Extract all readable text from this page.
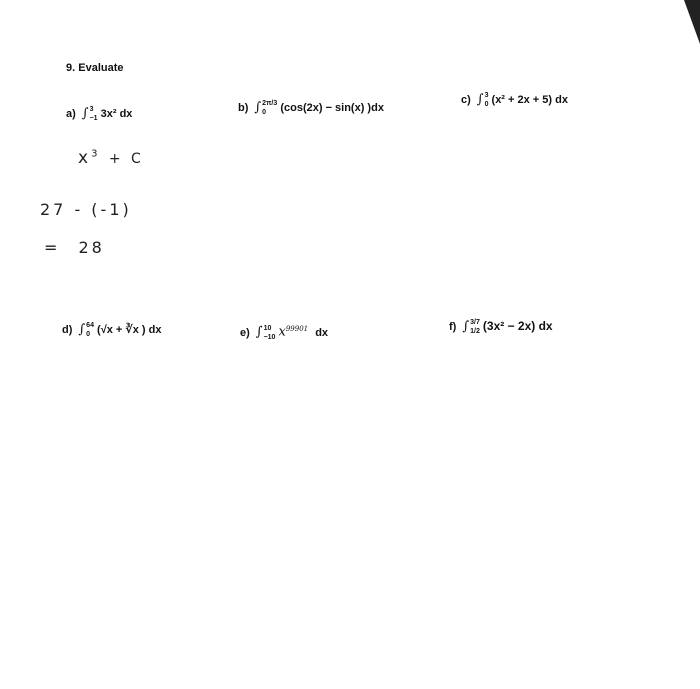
9. Evaluate
a) ∫ 3
−1 3x² dx	b) ∫ 2π/3
0	(cos(2x) − sin(x) )dx
c) ∫ 3
0 (x² + 2x + 5) dx
$x^3 + C$
27 - (-1)
= 28
d) ∫ 64
0 (√x + ∛x ) dx	e) ∫ 10
−10 $x^{99901}$ dx	f) ∫ 3/7
1/2 (3x² − 2x) dx
